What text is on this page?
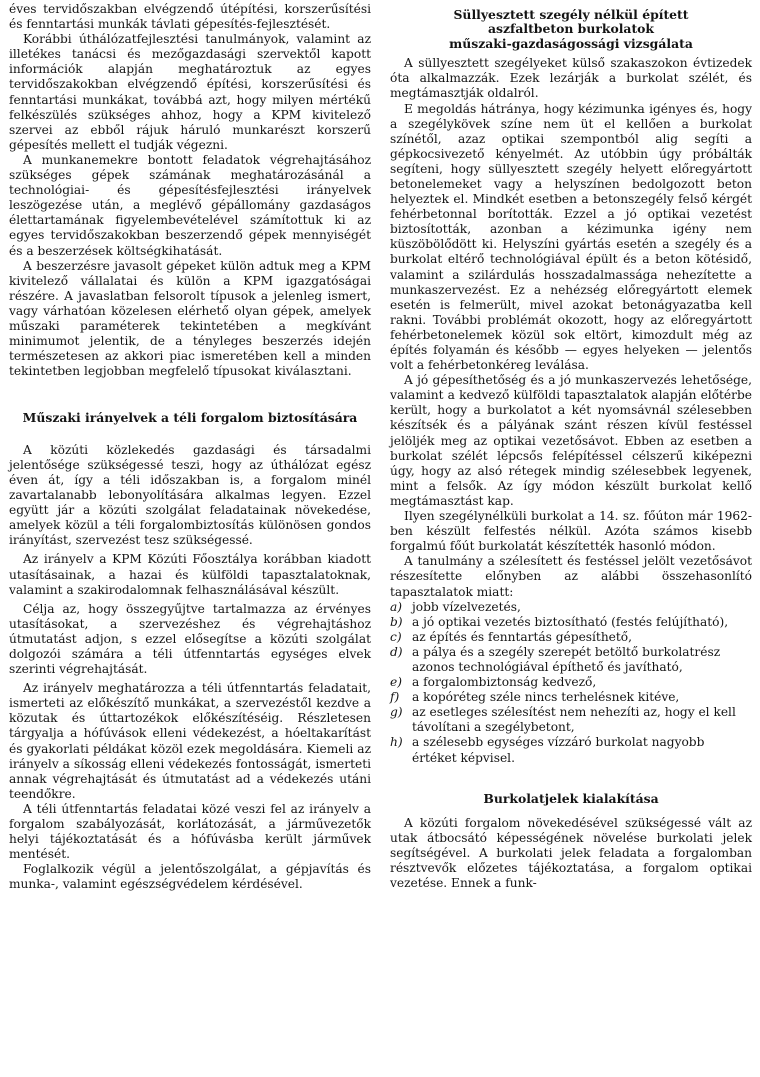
éves tervidőszakban elvégzendő útépítési, korszerűsítési és fenntartási munkák távlati gépesítés-fejlesztését.

Korábbi úthálózatfejlesztési tanulmányok, valamint az illetékes tanácsi és mezőgazdasági szervektől kapott információk alapján meghatároztuk az egyes tervidőszakokban elvégzendő építési, korszerűsítési és fenntartási munkákat, továbbá azt, hogy milyen mértékű felkészülés szükséges ahhoz, hogy a KPM kivitelező szervei az ebből rájuk háruló munkarészt korszerű gépesítés mellett el tudják végezni.

A munkanemekre bontott feladatok végrehajtásához szükséges gépek számának meghatározásánál a technológiai- és gépesítésfejlesztési irányelvek leszögezése után, a meglévő gépállomány gazdaságos élettartamának figyelembevételével számítottuk ki az egyes tervidőszakokban beszerzendő gépek mennyiségét és a beszerzések költségkihatását.

A beszerzésre javasolt gépeket külön adtuk meg a KPM kivitelező vállalatai és külön a KPM igazgatóságai részére. A javaslatban felsorolt típusok a jelenleg ismert, vagy várhatóan közelesen elérhető olyan gépek, amelyek műszaki paraméterek tekintetében a megkívánt minimumot jelentik, de a tényleges beszerzés idején természetesen az akkori piac ismeretében kell a minden tekintetben legjobban megfelelő típusokat kiválasztani.

Műszaki irányelvek a téli forgalom biztosítására

A közúti közlekedés gazdasági és társadalmi jelentősége szükségessé teszi, hogy az úthálózat egész éven át, így a téli időszakban is, a forgalom minél zavartalanabb lebonyolítására alkalmas legyen. Ezzel együtt jár a közúti szolgálat feladatainak növekedése, amelyek közül a téli forgalombiztosítás különösen gondos irányítást, szervezést tesz szükségessé.

Az irányelv a KPM Közúti Főosztálya korábban kiadott utasításainak, a hazai és külföldi tapasztalatoknak, valamint a szakirodalomnak felhasználásával készült.

Célja az, hogy összegyűjtve tartalmazza az érvényes utasításokat, a szervezéshez és végrehajtáshoz útmutatást adjon, s ezzel elősegítse a közúti szolgálat dolgozói számára a téli útfenntartás egységes elvek szerinti végrehajtását.

Az irányelv meghatározza a téli útfenntartás feladatait, ismerteti az előkészítő munkákat, a szervezéstől kezdve a közutak és úttartozékok előkészítéséig. Részletesen tárgyalja a hófúvások elleni védekezést, a hóeltakarítást és gyakorlati példákat közöl ezek megoldására. Kiemeli az irányelv a síkosság elleni védekezés fontosságát, ismerteti annak végrehajtását és útmutatást ad a védekezés utáni teendőkre.

A téli útfenntartás feladatai közé veszi fel az irányelv a forgalom szabályozását, korlátozását, a járművezetők helyi tájékoztatását és a hófúvásba került járművek mentését.

Foglalkozik végül a jelentőszolgálat, a gépjavítás és munka-, valamint egészségvédelem kérdésével.

Süllyesztett szegély nélkül épített
aszfaltbeton burkolatok
műszaki-gazdaságossági vizsgálata

A süllyesztett szegélyeket külső szakaszokon évtizedek óta alkalmazzák. Ezek lezárják a burkolat szélét, és megtámasztják oldalról.

E megoldás hátránya, hogy kézimunka igényes és, hogy a szegélykövek színe nem üt el kellően a burkolat színétől, azaz optikai szempontból alig segíti a gépkocsivezető kényelmét. Az utóbbin úgy próbálták segíteni, hogy süllyesztett szegély helyett előregyártott betonelemeket vagy a helyszínen bedolgozott beton helyeztek el. Mindkét esetben a betonszegély felső kérgét fehérbetonnal borították. Ezzel a jó optikai vezetést biztosították, azonban a kézimunka igény nem küszöbölődött ki. Helyszíni gyártás esetén a szegély és a burkolat eltérő technológiával épült és a beton kötésidő, valamint a szilárdulás hosszadalmassága nehezítette a munkaszervezést. Ez a nehézség előregyártott elemek esetén is felmerült, mivel azokat betonágyazatba kell rakni. További problémát okozott, hogy az előregyártott fehérbetonelemek közül sok eltört, kimozdult még az építés folyamán és később — egyes helyeken — jelentős volt a fehérbetonkéreg leválása.

A jó gépesíthetőség és a jó munkaszervezés lehetősége, valamint a kedvező külföldi tapasztalatok alapján előtérbe került, hogy a burkolatot a két nyomsávnál szélesebben készítsék és a pályának szánt részen kívül festéssel jelöljék meg az optikai vezetősávot. Ebben az esetben a burkolat szélét lépcsős felépítéssel célszerű kiképezni úgy, hogy az alsó rétegek mindig szélesebbek legyenek, mint a felsők. Az így módon készült burkolat kellő megtámasztást kap.

Ilyen szegélynélküli burkolat a 14. sz. főúton már 1962-ben készült felfestés nélkül. Azóta számos kisebb forgalmú főút burkolatát készítették hasonló módon.

A tanulmány a szélesített és festéssel jelölt vezetősávot részesítette előnyben az alábbi összehasonlító tapasztalatok miatt:

a) jobb vízelvezetés,
b) a jó optikai vezetés biztosítható (festés felújítható),
c) az építés és fenntartás gépesíthető,
d) a pálya és a szegély szerepét betöltő burkolatrész azonos technológiával építhető és javítható,
e) a forgalombiztonság kedvező,
f)	a kopóréteg széle nincs terhelésnek kitéve,
g) az esetleges szélesítést nem nehezíti az, hogy el kell távolítani a szegélybetont,
h) a szélesebb egységes vízzáró burkolat nagyobb értéket képvisel.
Burkolatjelek kialakítása

A közúti forgalom növekedésével szükségessé vált az utak átbocsátó képességének növelése burkolati jelek segítségével. A burkolati jelek feladata a forgalomban résztvevők előzetes tájékoztatása, a forgalom optikai vezetése. Ennek a funk-
